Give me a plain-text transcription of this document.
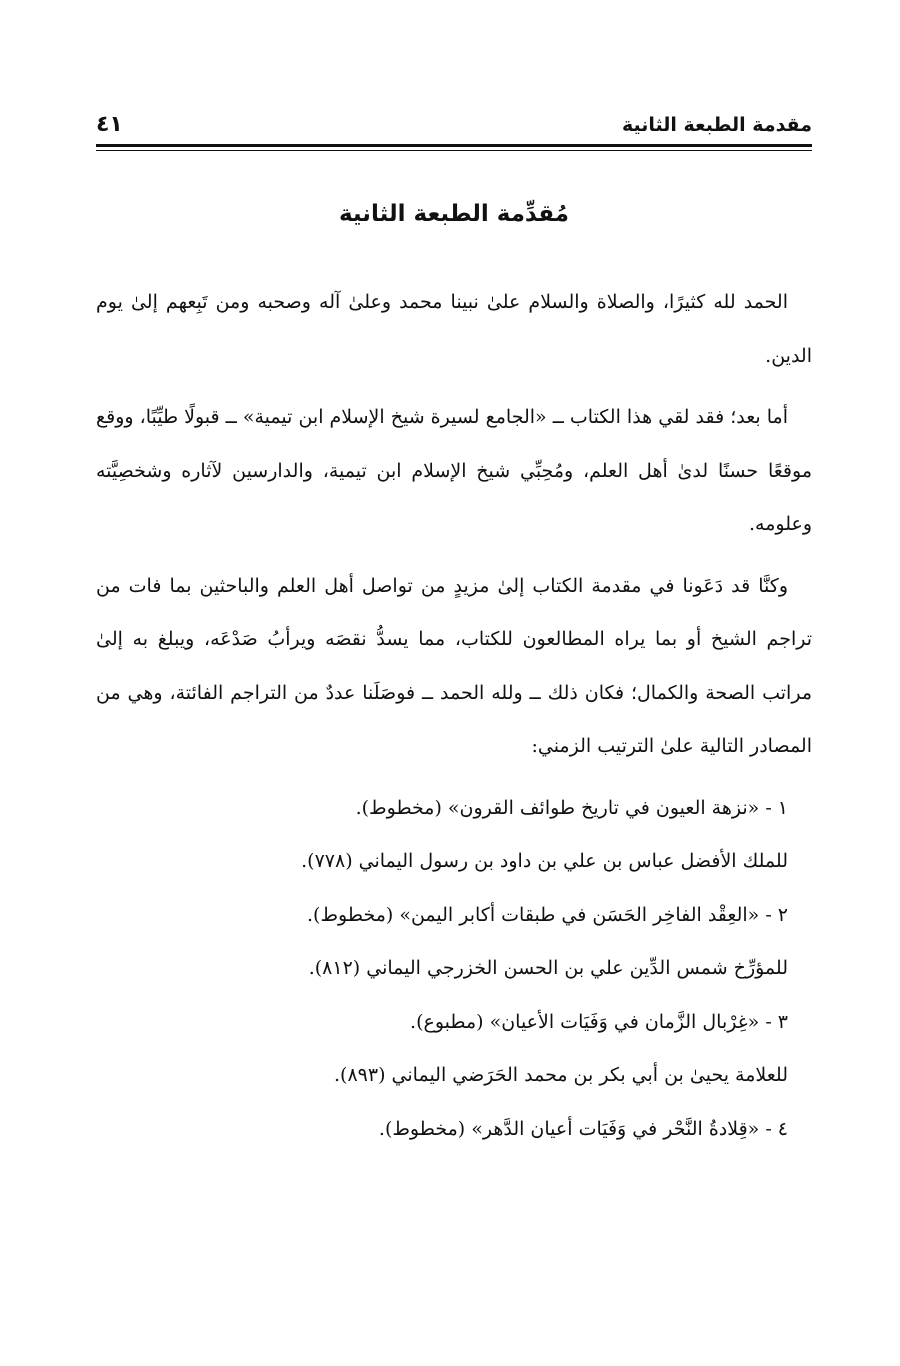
مقدمة الطبعة الثانية
٤١
مُقدِّمة الطبعة الثانية

الحمد لله كثيرًا، والصلاة والسلام علىٰ نبينا محمد وعلىٰ آله وصحبه ومن تَبِعهم إلىٰ يوم الدين.

أما بعد؛ فقد لقي هذا الكتاب ــ «الجامع لسيرة شيخ الإسلام ابن تيمية» ــ قبولًا طيِّبًا، ووقع موقعًا حسنًا لدىٰ أهل العلم، ومُحِبِّي شيخ الإسلام ابن تيمية، والدارسين لآثاره وشخصِيَّته وعلومه.

وكنَّا قد دَعَونا في مقدمة الكتاب إلىٰ مزيدٍ من تواصل أهل العلم والباحثين بما فات من تراجم الشيخ أو بما يراه المطالعون للكتاب، مما يسدُّ نقصَه ويرأبُ صَدْعَه، ويبلغ به إلىٰ مراتب الصحة والكمال؛ فكان ذلك ــ ولله الحمد ــ فوصَلَنا عددٌ من التراجم الفائتة، وهي من المصادر التالية علىٰ الترتيب الزمني:

١ - «نزهة العيون في تاريخ طوائف القرون» (مخطوط).

للملك الأفضل عباس بن علي بن داود بن رسول اليماني (٧٧٨).

٢ - «العِقْد الفاخِر الحَسَن في طبقات أكابر اليمن» (مخطوط).

للمؤرِّخ شمس الدِّين علي بن الحسن الخزرجي اليماني (٨١٢).

٣ - «غِرْبال الزَّمان في وَفَيَات الأعيان» (مطبوع).

للعلامة يحيىٰ بن أبي بكر بن محمد الحَرَضي اليماني (٨٩٣).

٤ - «قِلادةُ النَّحْر في وَفَيَات أعيان الدَّهر» (مخطوط).
